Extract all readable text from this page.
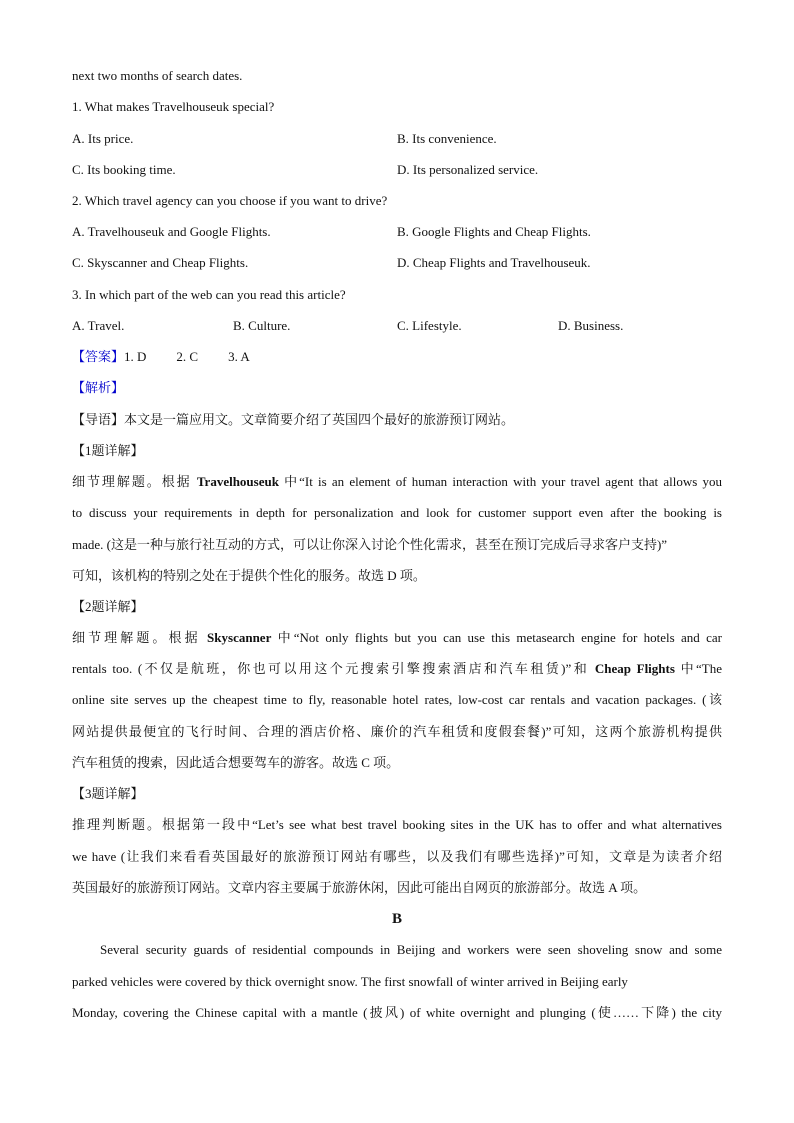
next two months of search dates.
1. What makes Travelhouseuk special?
A. Its price.	B. Its convenience.
C. Its booking time.	D. Its personalized service.
2. Which travel agency can you choose if you want to drive?
A. Travelhouseuk and Google Flights.	B. Google Flights and Cheap Flights.
C. Skyscanner and Cheap Flights.	D. Cheap Flights and Travelhouseuk.
3. In which part of the web can you read this article?
A. Travel.	B. Culture.	C. Lifestyle.	D. Business.
【答案】1. D 2. C 3. A
【解析】
【导语】本文是一篇应用文。文章简要介绍了英国四个最好的旅游预订网站。
【1题详解】
细节理解题。根据 Travelhouseuk 中“It is an element of human interaction with your travel agent that allows you
to discuss your requirements in depth for personalization and look for customer support even after the booking is
made. (这是一种与旅行社互动的方式，可以让你深入讨论个性化需求，甚至在预订完成后寻求客户支持)”
可知，该机构的特别之处在于提供个性化的服务。故选 D 项。
【2题详解】
细节理解题。根据 Skyscanner 中“Not only flights but you can use this metasearch engine for hotels and car
rentals too. (不仅是航班，你也可以用这个元搜索引擎搜索酒店和汽车租赁)”和 Cheap Flights 中“The
online site serves up the cheapest time to fly, reasonable hotel rates, low-cost car rentals and vacation packages. (该
网站提供最便宜的飞行时间、合理的酒店价格、廉价的汽车租赁和度假套餐)”可知，这两个旅游机构提供
汽车租赁的搜索，因此适合想要驾车的游客。故选 C 项。
【3题详解】
推理判断题。根据第一段中“Let’s see what best travel booking sites in the UK has to offer and what alternatives
we have (让我们来看看英国最好的旅游预订网站有哪些，以及我们有哪些选择)”可知，文章是为读者介绍
英国最好的旅游预订网站。文章内容主要属于旅游休闲，因此可能出自网页的旅游部分。故选 A 项。
B
Several security guards of residential compounds in Beijing and workers were seen shoveling snow and some
parked vehicles were covered by thick overnight snow. The first snowfall of winter arrived in Beijing early
Monday, covering the Chinese capital with a mantle (披风) of white overnight and plunging (使……下降) the city
